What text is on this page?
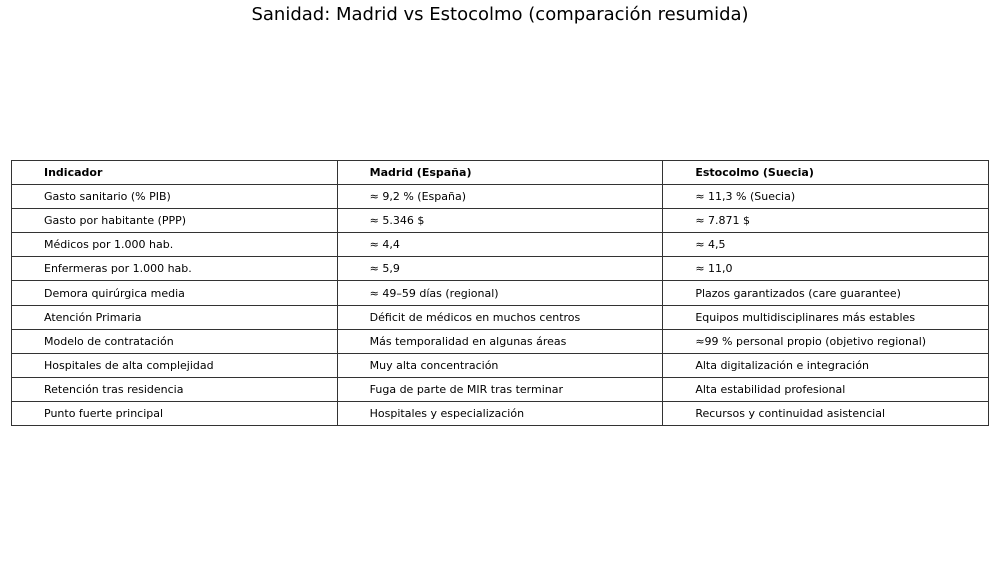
Sanidad: Madrid vs Estocolmo (comparación resumida)
Indicador	Madrid (España)	Estocolmo (Suecia)
Gasto sanitario (% PIB)	≈ 9,2 % (España)	≈ 11,3 % (Suecia)
Gasto por habitante (PPP)	≈ 5.346 $	≈ 7.871 $
Médicos por 1.000 hab.	≈ 4,4	≈ 4,5
Enfermeras por 1.000 hab.	≈ 5,9	≈ 11,0
Demora quirúrgica media	≈ 49–59 días (regional)	Plazos garantizados (care guarantee)
Atención Primaria	Déficit de médicos en muchos centros	Equipos multidisciplinares más estables
Modelo de contratación	Más temporalidad en algunas áreas	≈99 % personal propio (objetivo regional)
Hospitales de alta complejidad	Muy alta concentración	Alta digitalización e integración
Retención tras residencia	Fuga de parte de MIR tras terminar	Alta estabilidad profesional
Punto fuerte principal	Hospitales y especialización	Recursos y continuidad asistencial
